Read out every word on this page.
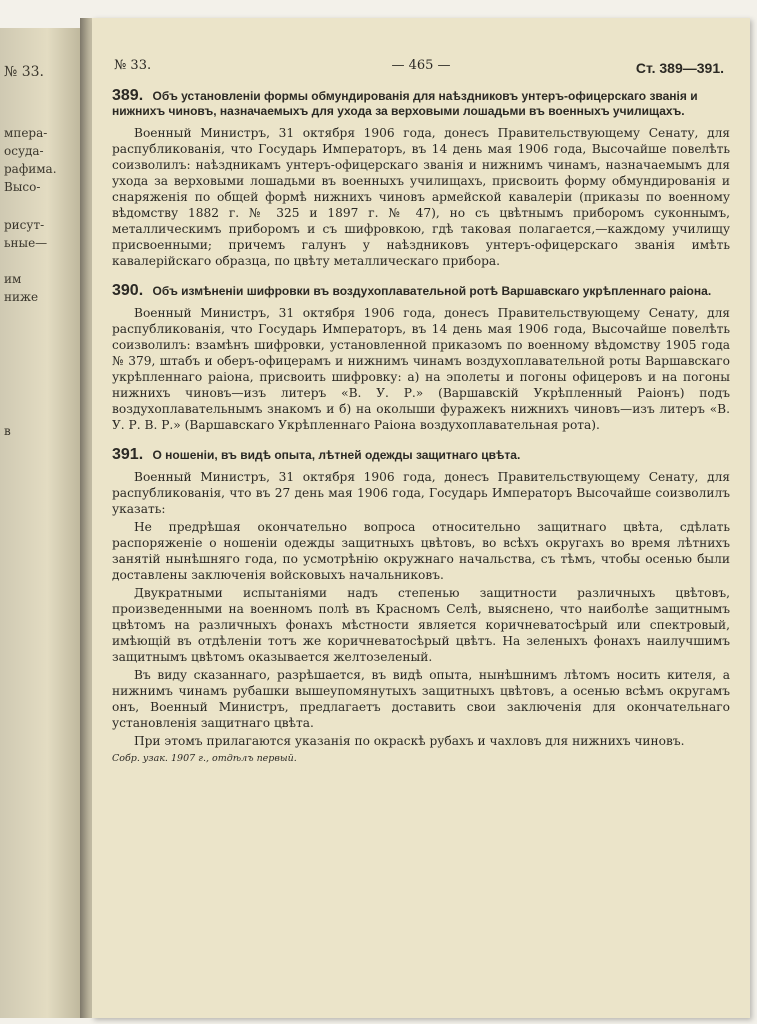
№ 33.
мпера-
осуда-
рафима.
Высо-
рисут-
ьные—
им
ниже
в
№ 33.	— 465 —	Ст. 389—391.
389. Объ установленіи формы обмундированія для наѣздниковъ унтеръ-офицерскаго званія и нижнихъ чиновъ, назначаемыхъ для ухода за верховыми лошадьми въ военныхъ училищахъ.

Военный Министръ, 31 октября 1906 года, донесъ Правительствующему Сенату, для распубликованія, что Государь Императоръ, въ 14 день мая 1906 года, Высочайше повелѣть соизволилъ: наѣздникамъ унтеръ-офицерскаго званія и нижнимъ чинамъ, назначаемымъ для ухода за верховыми лошадьми въ военныхъ училищахъ, присвоить форму обмундированія и снаряженія по общей формѣ нижнихъ чиновъ армейской кавалеріи (приказы по военному вѣдомству 1882 г. № 325 и 1897 г. № 47), но съ цвѣтнымъ приборомъ суконнымъ, металлическимъ приборомъ и съ шифровкою, гдѣ таковая полагается,—каждому училищу присвоенными; причемъ галунъ у наѣздниковъ унтеръ-офицерскаго званія имѣть кавалерійскаго образца, по цвѣту металлическаго прибора.

390. Объ измѣненіи шифровки въ воздухоплавательной ротѣ Варшавскаго укрѣпленнаго раіона.

Военный Министръ, 31 октября 1906 года, донесъ Правительствующему Сенату, для распубликованія, что Государь Императоръ, въ 14 день мая 1906 года, Высочайше повелѣть соизволилъ: взамѣнъ шифровки, установленной приказомъ по военному вѣдомству 1905 года № 379, штабъ и оберъ-офицерамъ и нижнимъ чинамъ воздухоплавательной роты Варшавскаго укрѣпленнаго раіона, присвоить шифровку: а) на эполеты и погоны офицеровъ и на погоны нижнихъ чиновъ—изъ литеръ «В. У. Р.» (Варшавскій Укрѣпленный Раіонъ) подъ воздухоплавательнымъ знакомъ и б) на околыши фуражекъ нижнихъ чиновъ—изъ литеръ «В. У. Р. В. Р.» (Варшавскаго Укрѣпленнаго Раіона воздухоплавательная рота).

391. О ношеніи, въ видѣ опыта, лѣтней одежды защитнаго цвѣта.

Военный Министръ, 31 октября 1906 года, донесъ Правительствующему Сенату, для распубликованія, что въ 27 день мая 1906 года, Государь Императоръ Высочайше соизволилъ указать:

Не предрѣшая окончательно вопроса относительно защитнаго цвѣта, сдѣлать распоряженіе о ношеніи одежды защитныхъ цвѣтовъ, во всѣхъ округахъ во время лѣтнихъ занятій нынѣшняго года, по усмотрѣнію окружнаго начальства, съ тѣмъ, чтобы осенью были доставлены заключенія войсковыхъ начальниковъ.

Двукратными испытаніями надъ степенью защитности различныхъ цвѣтовъ, произведенными на военномъ полѣ въ Красномъ Селѣ, выяснено, что наиболѣе защитнымъ цвѣтомъ на различныхъ фонахъ мѣстности является коричневатосѣрый или спектровый, имѣющій въ отдѣленіи тотъ же коричневатосѣрый цвѣтъ. На зеленыхъ фонахъ наилучшимъ защитнымъ цвѣтомъ оказывается желтозеленый.

Въ виду сказаннаго, разрѣшается, въ видѣ опыта, нынѣшнимъ лѣтомъ носить кителя, а нижнимъ чинамъ рубашки вышеупомянутыхъ защитныхъ цвѣтовъ, а осенью всѣмъ округамъ онъ, Военный Министръ, предлагаетъ доставить свои заключенія для окончательнаго установленія защитнаго цвѣта.

При этомъ прилагаются указанія по окраскѣ рубахъ и чахловъ для нижнихъ чиновъ.

Собр. узак. 1907 г., отдѣлъ первый.
